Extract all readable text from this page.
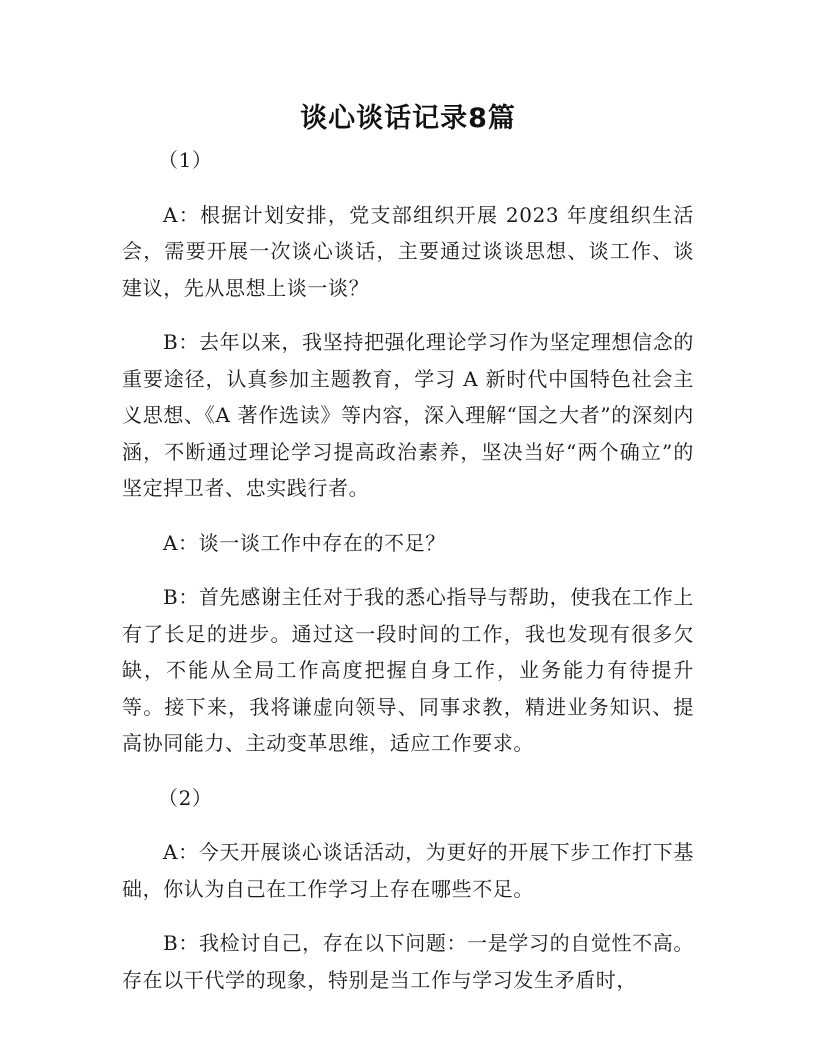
谈心谈话记录8篇

（1）

A：根据计划安排，党支部组织开展 2023 年度组织生活会，需要开展一次谈心谈话，主要通过谈谈思想、谈工作、谈建议，先从思想上谈一谈？

B：去年以来，我坚持把强化理论学习作为坚定理想信念的重要途径，认真参加主题教育，学习 A 新时代中国特色社会主义思想、《A 著作选读》等内容，深入理解“国之大者”的深刻内涵，不断通过理论学习提高政治素养，坚决当好“两个确立”的坚定捍卫者、忠实践行者。

A：谈一谈工作中存在的不足？

B：首先感谢主任对于我的悉心指导与帮助，使我在工作上有了长足的进步。通过这一段时间的工作，我也发现有很多欠缺，不能从全局工作高度把握自身工作，业务能力有待提升等。接下来，我将谦虚向领导、同事求教，精进业务知识、提高协同能力、主动变革思维，适应工作要求。

（2）

A：今天开展谈心谈话活动，为更好的开展下步工作打下基础，你认为自己在工作学习上存在哪些不足。

B：我检讨自己，存在以下问题：一是学习的自觉性不高。存在以干代学的现象，特别是当工作与学习发生矛盾时，
